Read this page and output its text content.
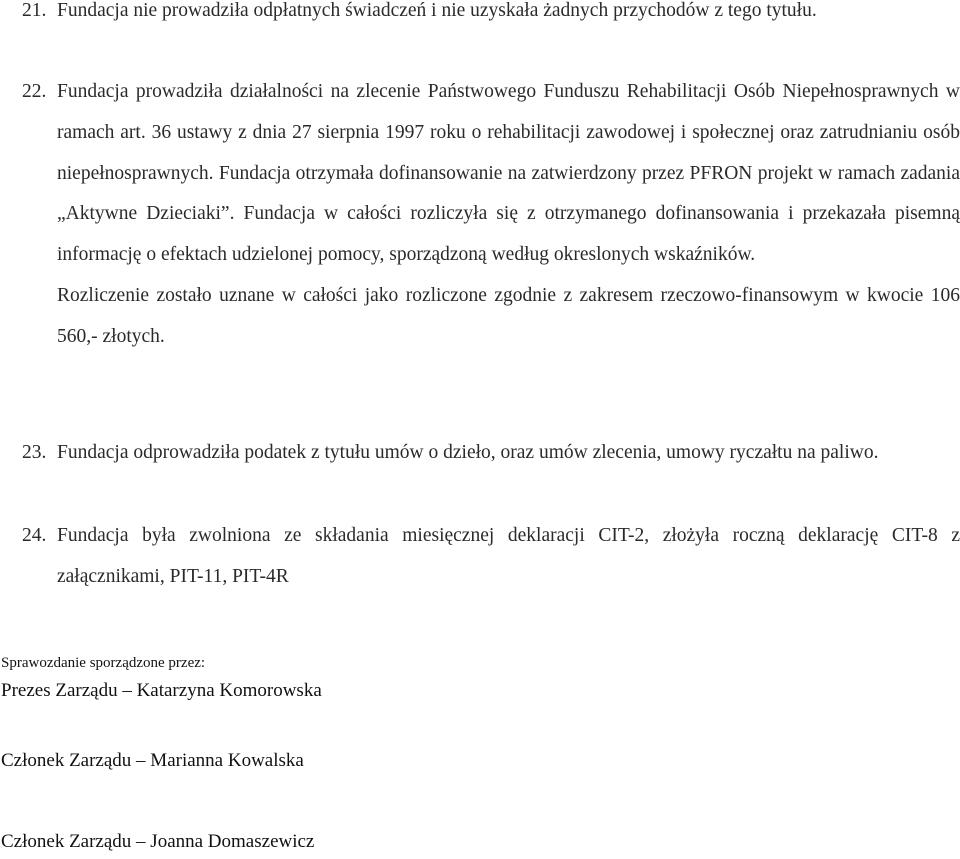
21. Fundacja nie prowadziła odpłatnych świadczeń i nie uzyskała żadnych przychodów z tego tytułu.

22. Fundacja prowadziła działalności na zlecenie Państwowego Funduszu Rehabilitacji Osób Niepełnosprawnych w ramach art. 36 ustawy z dnia 27 sierpnia 1997 roku o rehabilitacji zawodowej i społecznej oraz zatrudnianiu osób niepełnosprawnych. Fundacja otrzymała dofinansowanie na zatwierdzony przez PFRON projekt w ramach zadania „Aktywne Dzieciaki”. Fundacja w całości rozliczyła się z otrzymanego dofinansowania i przekazała pisemną informację o efektach udzielonej pomocy, sporządzoną według okreslonych wskaźników.

Rozliczenie zostało uznane w całości jako rozliczone zgodnie z zakresem rzeczowo-finansowym w kwocie 106 560,- złotych.

23. Fundacja odprowadziła podatek z tytułu umów o dzieło, oraz umów zlecenia, umowy ryczałtu na paliwo.

24. Fundacja była zwolniona ze składania miesięcznej deklaracji CIT-2, złożyła roczną deklarację CIT-8 z załącznikami, PIT-11, PIT-4R

Sprawozdanie sporządzone przez:
Prezes Zarządu – Katarzyna Komorowska
Członek Zarządu – Marianna Kowalska
Członek Zarządu – Joanna Domaszewicz
